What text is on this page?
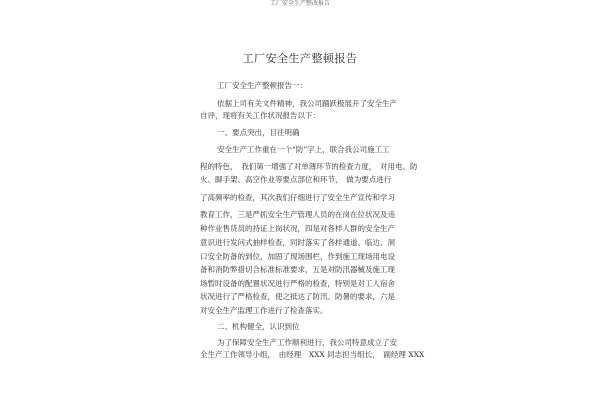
工厂安全生产整改报告
工厂安全生产整顿报告
工厂安全生产整顿报告一：
依据上司有关文件精神，我公司踊跃极展开了安全生产
自评，现将有关工作状况报告以下：
一、要点突出，目往明确
安全生产工作重在一个“防”字上，联合我公司施工工
程的特色，　我们第一增强了对单薄环节的检查力度，　对用电、防
火、脚手架、高空作业等要点部位和环节，　做为要点进行
了高频率的检查，其次我们仔细进行了安全生产宣传和学习
教育工作，三是严抓安全生产管理人员的在岗在位状况及违
种作业售货员的持证上岗状况，四是对各样人群的安全生产
意识进行发问式抽样检查，同时落实了各样通道、临边、洞
口安全防备的到位，加固了现场围栏，作到施工现场用电设
备和消防弊措切合标准标准要求，五是对防汛器械及施工现
场暂时设备的配置状况进行严格的检查，特别是对工人宿舍
状况进行了严格检查，使之抵达了防汛、防暑的要求，六是
对安全生产监理工作进行了检查落实。
二、机构健全，认识到位
为了保障安全生产工作顺利进行，我公司特意成立了安
全生产工作领导小组，　由经理　XXX 同志担当组长，　副经理 XXX
